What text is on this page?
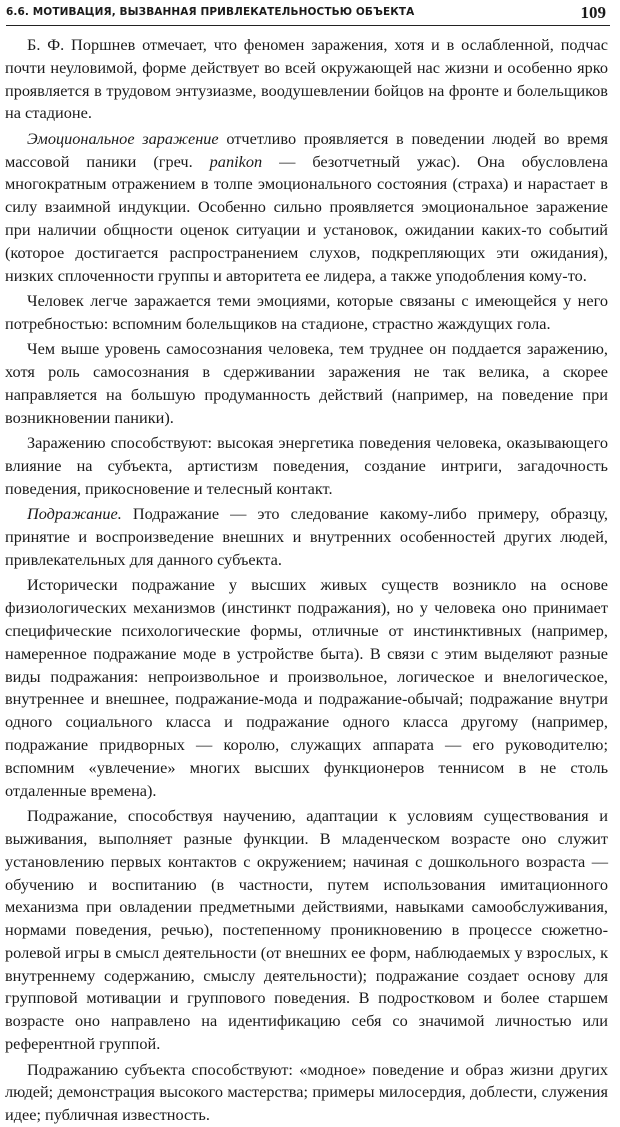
6.6. МОТИВАЦИЯ, ВЫЗВАННАЯ ПРИВЛЕКАТЕЛЬНОСТЬЮ ОБЪЕКТА	109

Б. Ф. Поршнев отмечает, что феномен заражения, хотя и в ослабленной, подчас почти неуловимой, форме действует во всей окружающей нас жизни и особенно ярко проявляется в трудовом энтузиазме, воодушевлении бойцов на фронте и болельщиков на стадионе.

Эмоциональное заражение отчетливо проявляется в поведении людей во время массовой паники (греч. panikon — безотчетный ужас). Она обусловлена многократным отражением в толпе эмоционального состояния (страха) и нарастает в силу взаимной индукции. Особенно сильно проявляется эмоциональное заражение при наличии общности оценок ситуации и установок, ожидании каких-то событий (которое достигается распространением слухов, подкрепляющих эти ожидания), низких сплоченности группы и авторитета ее лидера, а также уподобления кому-то.

Человек легче заражается теми эмоциями, которые связаны с имеющейся у него потребностью: вспомним болельщиков на стадионе, страстно жаждущих гола.

Чем выше уровень самосознания человека, тем труднее он поддается заражению, хотя роль самосознания в сдерживании заражения не так велика, а скорее направляется на большую продуманность действий (например, на поведение при возникновении паники).

Заражению способствуют: высокая энергетика поведения человека, оказывающего влияние на субъекта, артистизм поведения, создание интриги, загадочность поведения, прикосновение и телесный контакт.

Подражание. Подражание — это следование какому-либо примеру, образцу, принятие и воспроизведение внешних и внутренних особенностей других людей, привлекательных для данного субъекта.

Исторически подражание у высших живых существ возникло на основе физиологических механизмов (инстинкт подражания), но у человека оно принимает специфические психологические формы, отличные от инстинктивных (например, намеренное подражание моде в устройстве быта). В связи с этим выделяют разные виды подражания: непроизвольное и произвольное, логическое и внелогическое, внутреннее и внешнее, подражание-мода и подражание-обычай; подражание внутри одного социального класса и подражание одного класса другому (например, подражание придворных — королю, служащих аппарата — его руководителю; вспомним «увлечение» многих высших функционеров теннисом в не столь отдаленные времена).

Подражание, способствуя научению, адаптации к условиям существования и выживания, выполняет разные функции. В младенческом возрасте оно служит установлению первых контактов с окружением; начиная с дошкольного возраста — обучению и воспитанию (в частности, путем использования имитационного механизма при овладении предметными действиями, навыками самообслуживания, нормами поведения, речью), постепенному проникновению в процессе сюжетно-ролевой игры в смысл деятельности (от внешних ее форм, наблюдаемых у взрослых, к внутреннему содержанию, смыслу деятельности); подражание создает основу для групповой мотивации и группового поведения. В подростковом и более старшем возрасте оно направлено на идентификацию себя со значимой личностью или референтной группой.

Подражанию субъекта способствуют: «модное» поведение и образ жизни других людей; демонстрация высокого мастерства; примеры милосердия, доблести, служения идее; публичная известность.
